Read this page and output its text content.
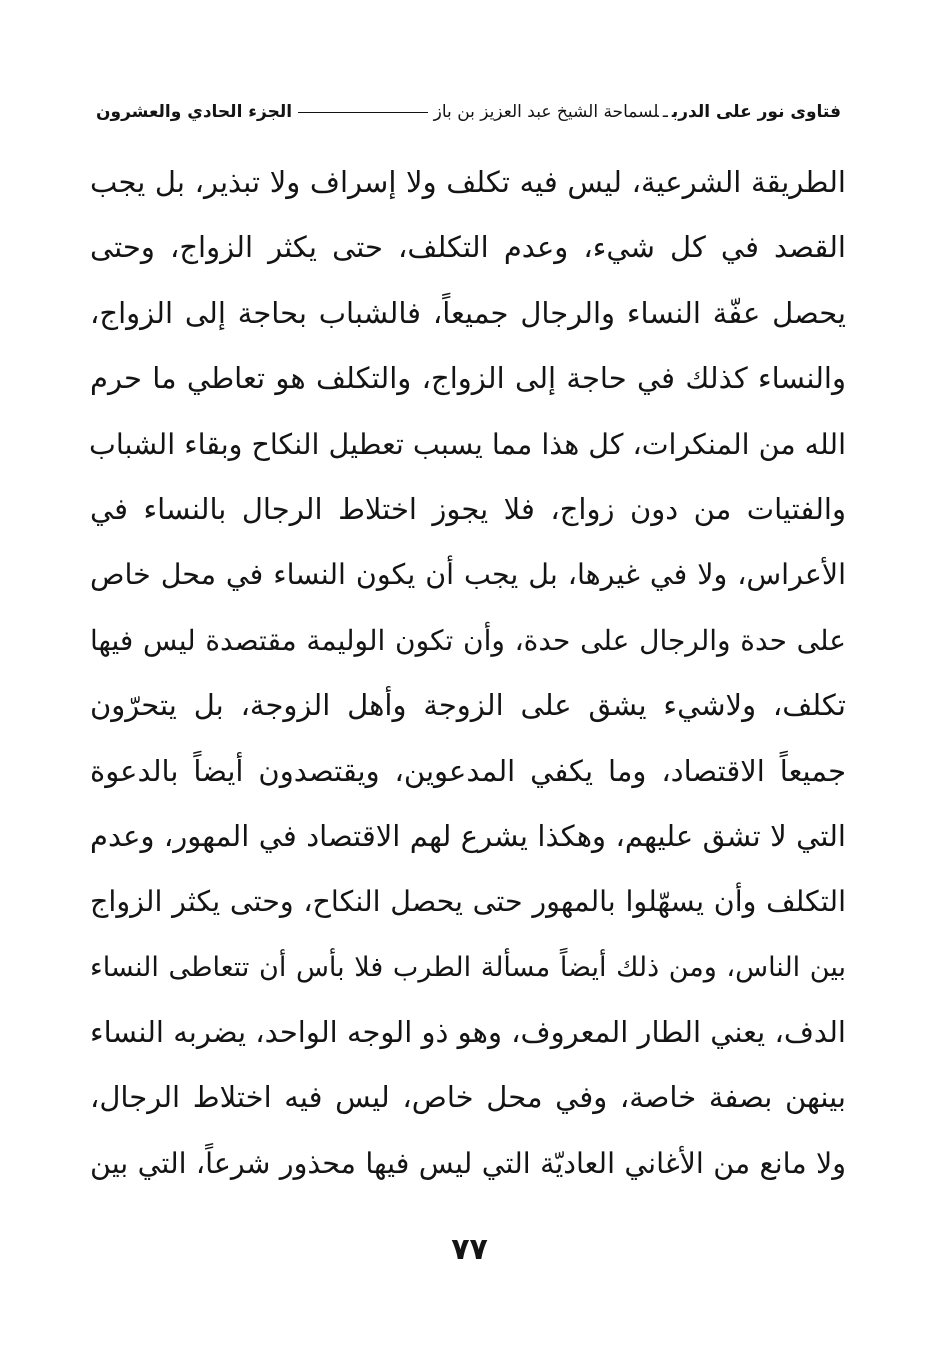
فتاوى نور على الدربـلسماحة الشيخ عبد العزيز بن باز
الجزء الحادي والعشرون
الطريقة الشرعية، ليس فيه تكلف ولا إسراف ولا تبذير، بل يجب
القصد في كل شيء، وعدم التكلف، حتى يكثر الزواج، وحتى
يحصل عفّة النساء والرجال جميعاً، فالشباب بحاجة إلى الزواج،
والنساء كذلك في حاجة إلى الزواج، والتكلف هو تعاطي ما حرم
الله من المنكرات، كل هذا مما يسبب تعطيل النكاح وبقاء الشباب
والفتيات من دون زواج، فلا يجوز اختلاط الرجال بالنساء في
الأعراس، ولا في غيرها، بل يجب أن يكون النساء في محل خاص
على حدة والرجال على حدة، وأن تكون الوليمة مقتصدة ليس فيها
تكلف، ولاشيء يشق على الزوجة وأهل الزوجة، بل يتحرّون
جميعاً الاقتصاد، وما يكفي المدعوين، ويقتصدون أيضاً بالدعوة
التي لا تشق عليهم، وهكذا يشرع لهم الاقتصاد في المهور، وعدم
التكلف وأن يسهّلوا بالمهور حتى يحصل النكاح، وحتى يكثر الزواج
بين الناس، ومن ذلك أيضاً مسألة الطرب فلا بأس أن تتعاطى النساء
الدف، يعني الطار المعروف، وهو ذو الوجه الواحد، يضربه النساء
بينهن بصفة خاصة، وفي محل خاص، ليس فيه اختلاط الرجال،
ولا مانع من الأغاني العاديّة التي ليس فيها محذور شرعاً، التي بين
٧٧
